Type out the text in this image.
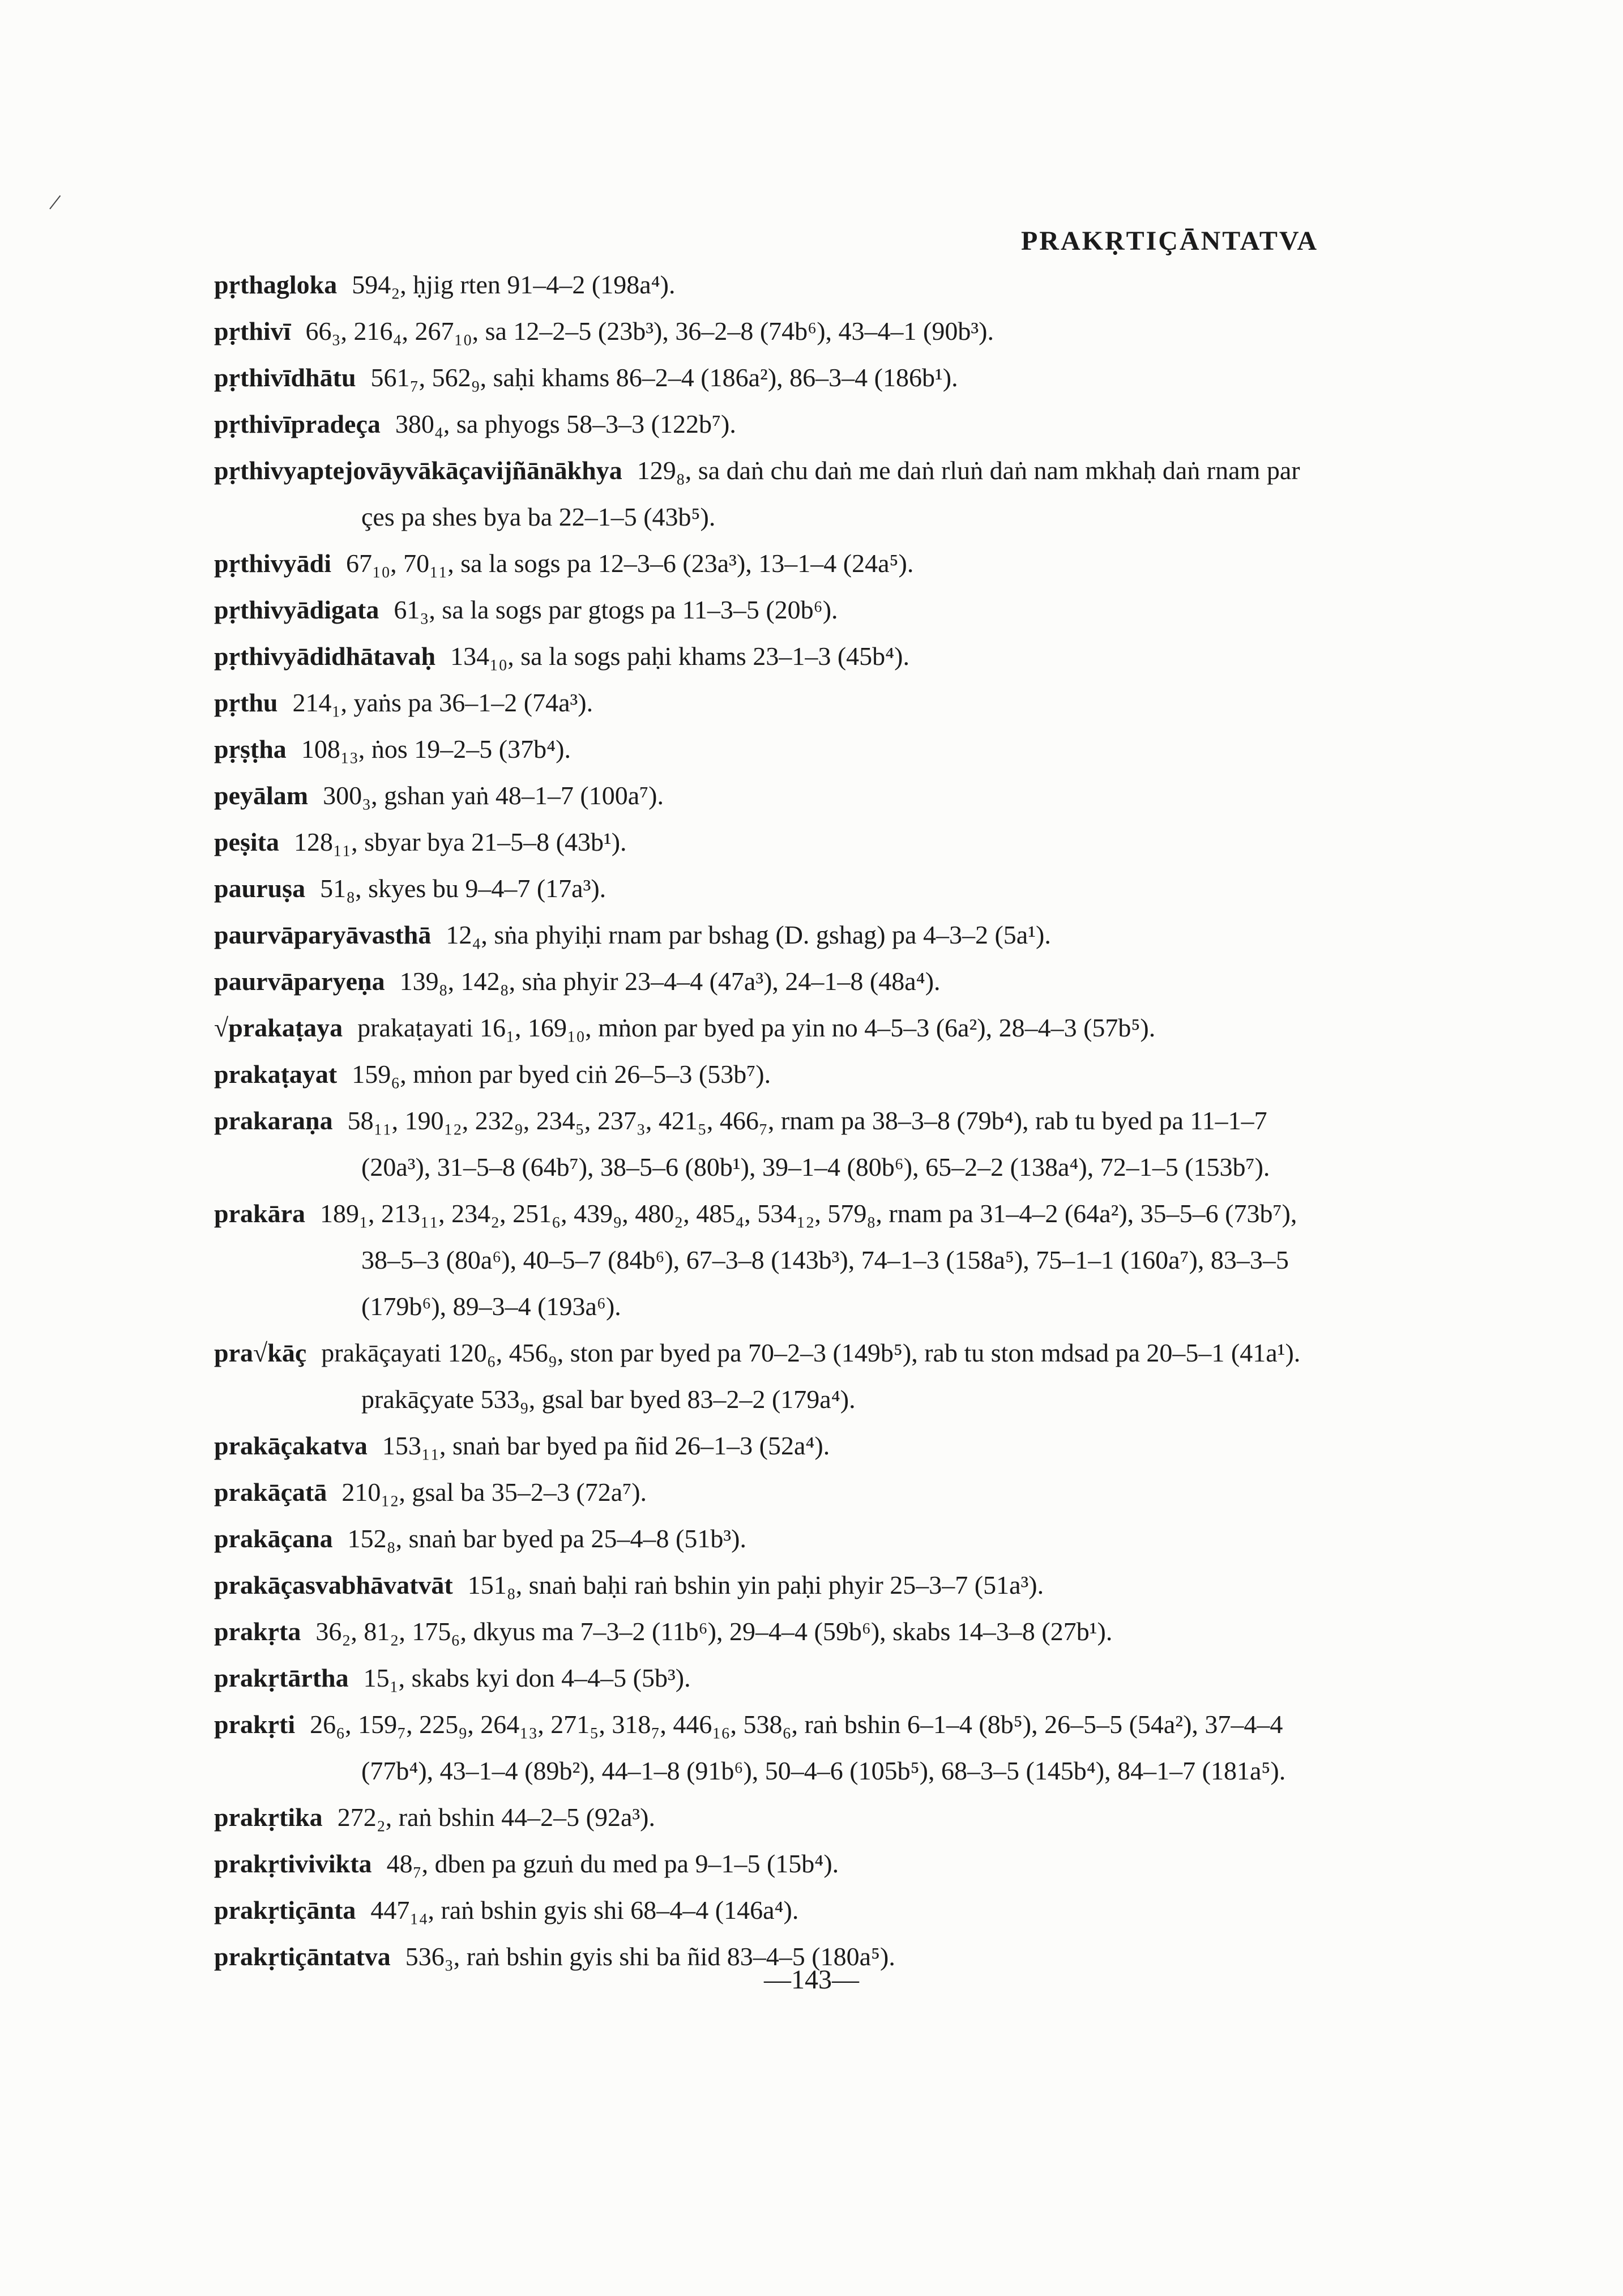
PRAKṚTIÇĀNTATVA
pṛthagloka 594₂, ḥjig rten 91–4–2 (198a⁴).
pṛthivī 66₃, 216₄, 267₁₀, sa 12–2–5 (23b³), 36–2–8 (74b⁶), 43–4–1 (90b³).
pṛthivīdhātu 561₇, 562₉, saḥi khams 86–2–4 (186a²), 86–3–4 (186b¹).
pṛthivīpradeça 380₄, sa phyogs 58–3–3 (122b⁷).
pṛthivyaptejovāyvākāçavijñānākhya 129₈, sa daṅ chu daṅ me daṅ rluṅ daṅ nam mkhaḥ daṅ rnam par çes pa shes bya ba 22–1–5 (43b⁵).
pṛthivyādi 67₁₀, 70₁₁, sa la sogs pa 12–3–6 (23a³), 13–1–4 (24a⁵).
pṛthivyādigata 61₃, sa la sogs par gtogs pa 11–3–5 (20b⁶).
pṛthivyādidhātavaḥ 134₁₀, sa la sogs paḥi khams 23–1–3 (45b⁴).
pṛthu 214₁, yaṅs pa 36–1–2 (74a³).
pṛṣṭha 108₁₃, ṅos 19–2–5 (37b⁴).
peyālam 300₃, gshan yaṅ 48–1–7 (100a⁷).
peṣita 128₁₁, sbyar bya 21–5–8 (43b¹).
pauruṣa 51₈, skyes bu 9–4–7 (17a³).
paurvāparyāvasthā 12₄, sṅa phyiḥi rnam par bshag (D. gshag) pa 4–3–2 (5a¹).
paurvāparyeṇa 139₈, 142₈, sṅa phyir 23–4–4 (47a³), 24–1–8 (48a⁴).
√prakaṭaya prakaṭayati 16₁, 169₁₀, mṅon par byed pa yin no 4–5–3 (6a²), 28–4–3 (57b⁵).
prakaṭayat 159₆, mṅon par byed ciṅ 26–5–3 (53b⁷).
prakaraṇa 58₁₁, 190₁₂, 232₉, 234₅, 237₃, 421₅, 466₇, rnam pa 38–3–8 (79b⁴), rab tu byed pa 11–1–7 (20a³), 31–5–8 (64b⁷), 38–5–6 (80b¹), 39–1–4 (80b⁶), 65–2–2 (138a⁴), 72–1–5 (153b⁷).
prakāra 189₁, 213₁₁, 234₂, 251₆, 439₉, 480₂, 485₄, 534₁₂, 579₈, rnam pa 31–4–2 (64a²), 35–5–6 (73b⁷), 38–5–3 (80a⁶), 40–5–7 (84b⁶), 67–3–8 (143b³), 74–1–3 (158a⁵), 75–1–1 (160a⁷), 83–3–5 (179b⁶), 89–3–4 (193a⁶).
pra√kāç prakāçayati 120₆, 456₉, ston par byed pa 70–2–3 (149b⁵), rab tu ston mdsad pa 20–5–1 (41a¹).
prakāçyate 533₉, gsal bar byed 83–2–2 (179a⁴).
prakāçakatva 153₁₁, snaṅ bar byed pa ñid 26–1–3 (52a⁴).
prakāçatā 210₁₂, gsal ba 35–2–3 (72a⁷).
prakāçana 152₈, snaṅ bar byed pa 25–4–8 (51b³).
prakāçasvabhāvatvāt 151₈, snaṅ baḥi raṅ bshin yin paḥi phyir 25–3–7 (51a³).
prakṛta 36₂, 81₂, 175₆, dkyus ma 7–3–2 (11b⁶), 29–4–4 (59b⁶), skabs 14–3–8 (27b¹).
prakṛtārtha 15₁, skabs kyi don 4–4–5 (5b³).
prakṛti 26₆, 159₇, 225₉, 264₁₃, 271₅, 318₇, 446₁₆, 538₆, raṅ bshin 6–1–4 (8b⁵), 26–5–5 (54a²), 37–4–4 (77b⁴), 43–1–4 (89b²), 44–1–8 (91b⁶), 50–4–6 (105b⁵), 68–3–5 (145b⁴), 84–1–7 (181a⁵).
prakṛtika 272₂, raṅ bshin 44–2–5 (92a³).
prakṛtivivikta 48₇, dben pa gzuṅ du med pa 9–1–5 (15b⁴).
prakṛtiçānta 447₁₄, raṅ bshin gyis shi 68–4–4 (146a⁴).
prakṛtiçāntatva 536₃, raṅ bshin gyis shi ba ñid 83–4–5 (180a⁵).
—143—
